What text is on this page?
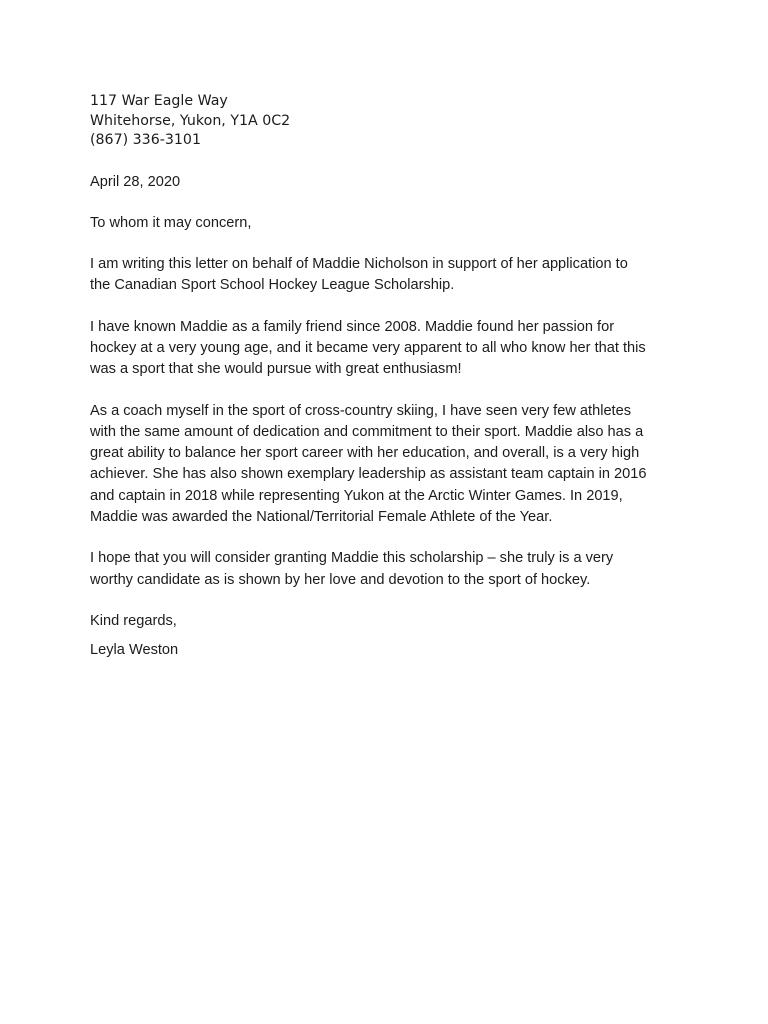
117 War Eagle Way
Whitehorse, Yukon, Y1A 0C2
(867) 336-3101

April 28, 2020

To whom it may concern,

I am writing this letter on behalf of Maddie Nicholson in support of her application to
the Canadian Sport School Hockey League Scholarship.

I have known Maddie as a family friend since 2008. Maddie found her passion for
hockey at a very young age, and it became very apparent to all who know her that this
was a sport that she would pursue with great enthusiasm!

As a coach myself in the sport of cross-country skiing, I have seen very few athletes
with the same amount of dedication and commitment to their sport. Maddie also has a
great ability to balance her sport career with her education, and overall, is a very high
achiever. She has also shown exemplary leadership as assistant team captain in 2016
and captain in 2018 while representing Yukon at the Arctic Winter Games. In 2019,
Maddie was awarded the National/Territorial Female Athlete of the Year.

I hope that you will consider granting Maddie this scholarship – she truly is a very
worthy candidate as is shown by her love and devotion to the sport of hockey.

Kind regards,

Leyla Weston
